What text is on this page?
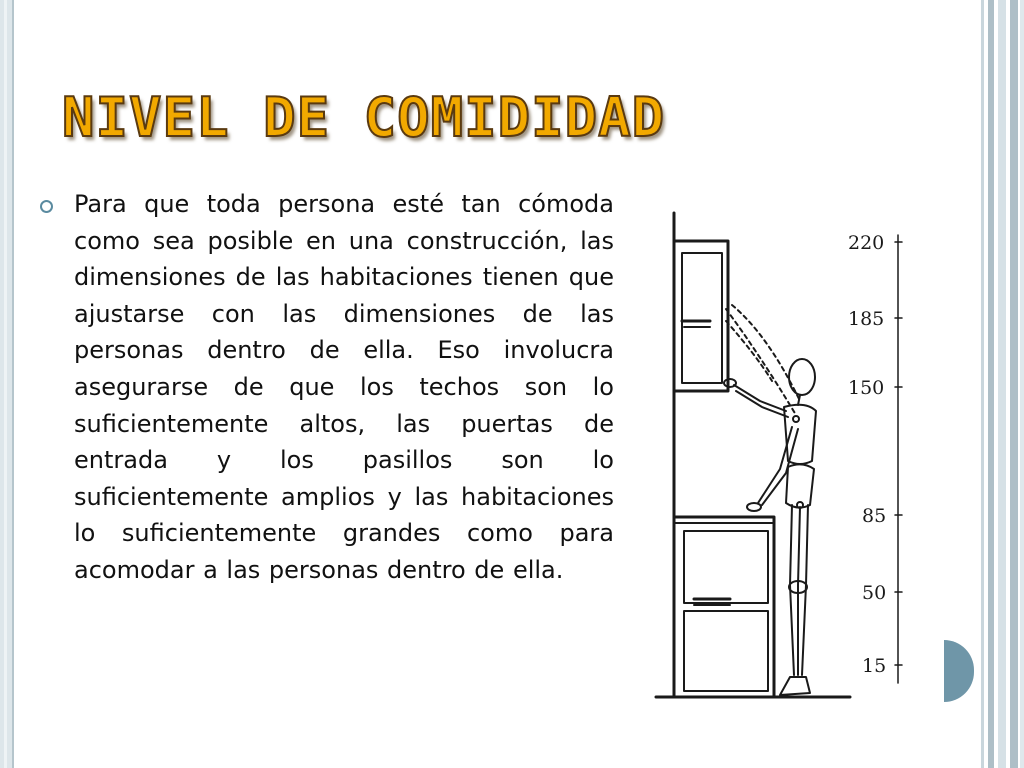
NIVEL DE COMIDIDAD

Para que toda persona esté tan cómoda como sea posible en una construcción, las dimensiones de las habitaciones tienen que ajustarse con las dimensiones de las personas dentro de ella. Eso involucra asegurarse de que los techos son lo suficientemente altos, las puertas de entrada y los pasillos son lo suficientemente amplios y las habitaciones lo suficientemente grandes como para acomodar a las personas dentro de ella.

220
185
150
85
50
15
